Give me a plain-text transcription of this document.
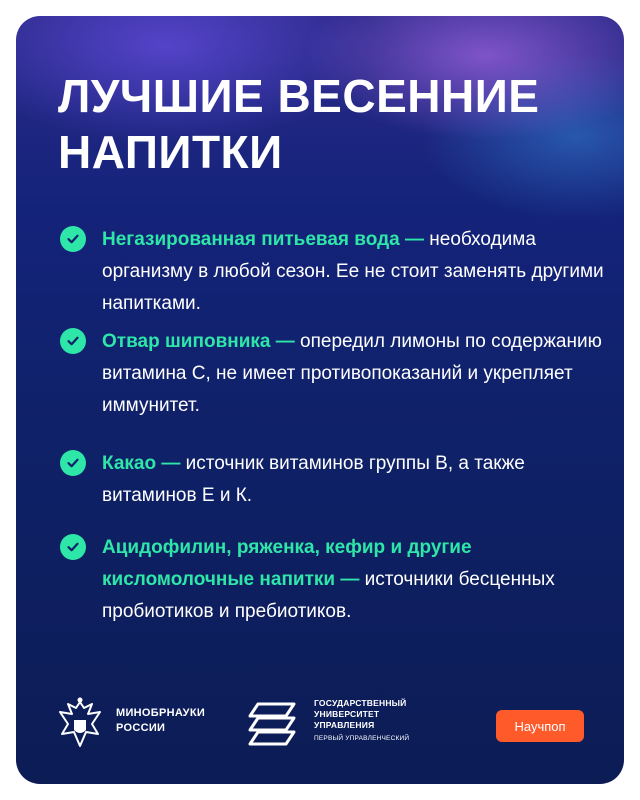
ЛУЧШИЕ ВЕСЕННИЕ НАПИТКИ
Негазированная питьевая вода — необходима организму в любой сезон. Ее не стоит заменять другими напитками.
Отвар шиповника — опередил лимоны по содержанию витамина С, не имеет противопоказаний и укрепляет иммунитет.
Какао — источник витаминов группы В, а также витаминов Е и К.
Ацидофилин, ряженка, кефир и другие кисломолочные напитки — источники бесценных пробиотиков и пребиотиков.
МИНОБРНАУКИ
РОССИИ
ГОСУДАРСТВЕННЫЙ
УНИВЕРСИТЕТ
УПРАВЛЕНИЯ
ПЕРВЫЙ УПРАВЛЕНЧЕСКИЙ
Научпоп
